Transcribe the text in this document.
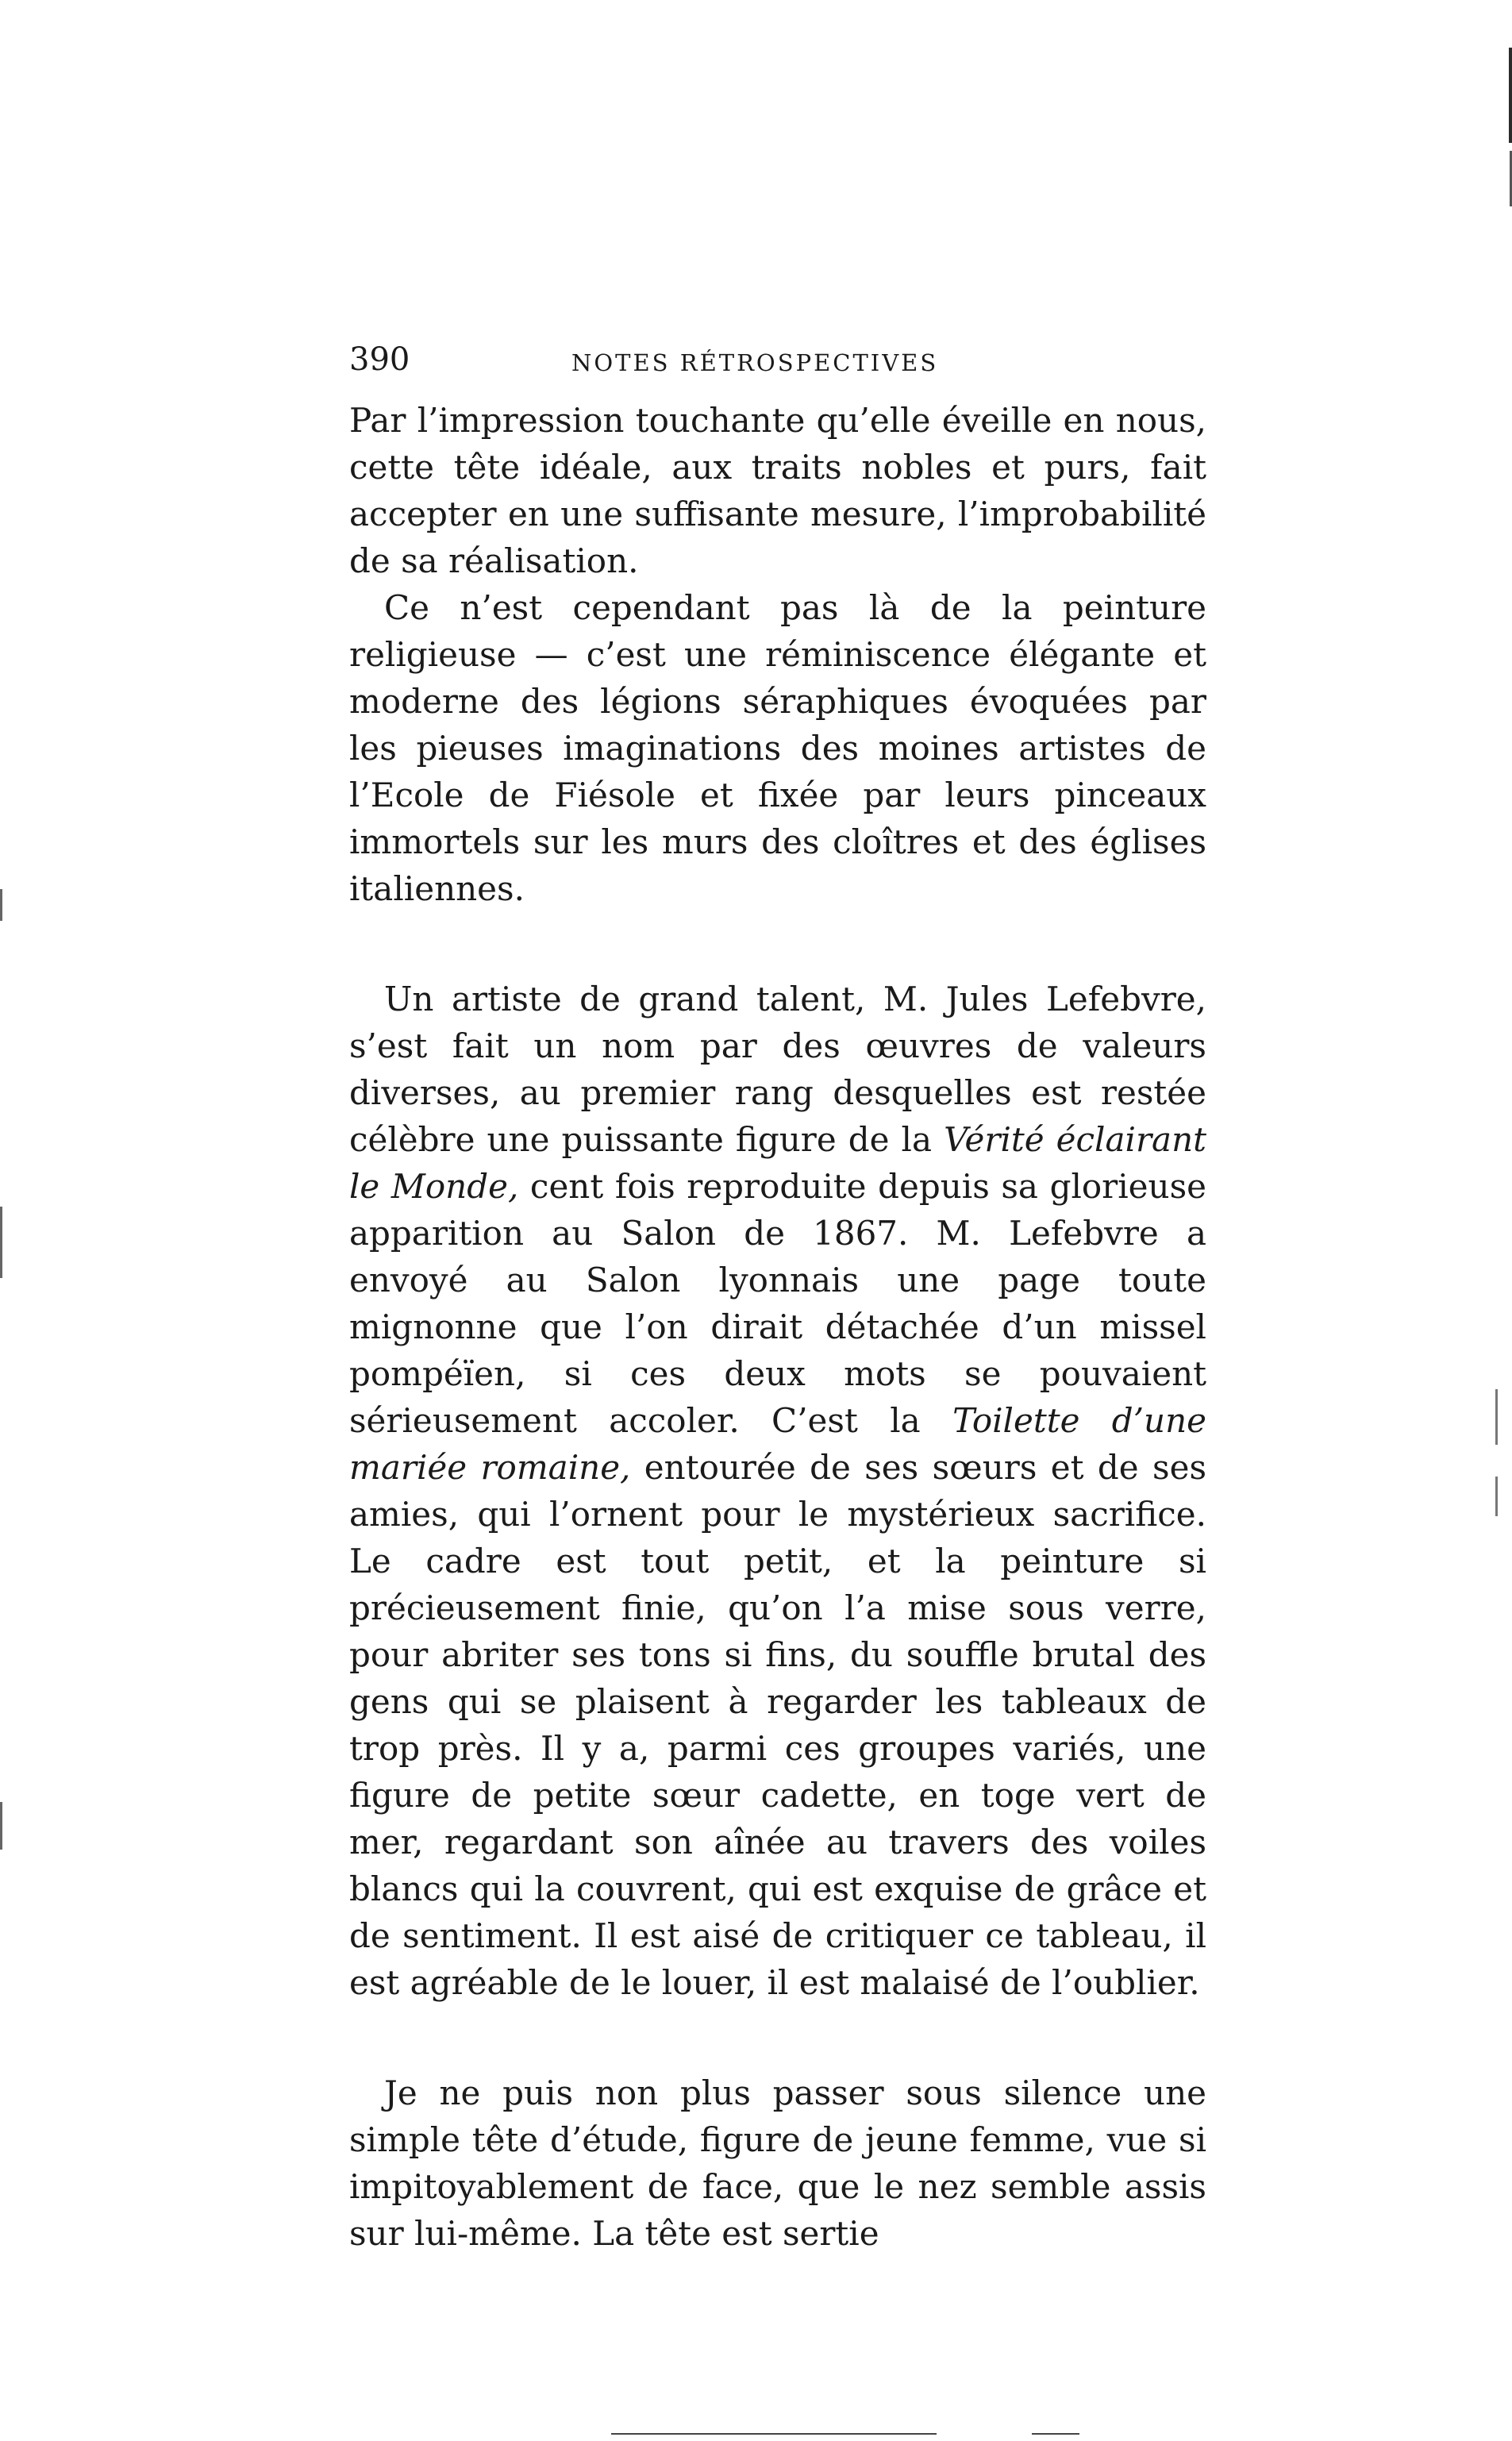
390	NOTES RÉTROSPECTIVES

Par l’impression touchante qu’elle éveille en nous, cette tête idéale, aux traits nobles et purs, fait accepter en une suffisante mesure, l’improbabilité de sa réalisation.

Ce n’est cependant pas là de la peinture religieuse — c’est une réminiscence élégante et moderne des légions séraphiques évoquées par les pieuses imaginations des moines artistes de l’Ecole de Fiésole et fixée par leurs pinceaux immortels sur les murs des cloîtres et des églises italiennes.

Un artiste de grand talent, M. Jules Lefebvre, s’est fait un nom par des œuvres de valeurs diverses, au premier rang desquelles est restée célèbre une puissante figure de la Vérité éclairant le Monde, cent fois reproduite depuis sa glorieuse apparition au Salon de 1867. M. Lefebvre a envoyé au Salon lyonnais une page toute mignonne que l’on dirait détachée d’un missel pompéïen, si ces deux mots se pouvaient sérieusement accoler. C’est la Toilette d’une mariée romaine, entourée de ses sœurs et de ses amies, qui l’ornent pour le mystérieux sacrifice. Le cadre est tout petit, et la peinture si précieusement finie, qu’on l’a mise sous verre, pour abriter ses tons si fins, du souffle brutal des gens qui se plaisent à regarder les tableaux de trop près. Il y a, parmi ces groupes variés, une figure de petite sœur cadette, en toge vert de mer, regardant son aînée au travers des voiles blancs qui la couvrent, qui est exquise de grâce et de sentiment. Il est aisé de critiquer ce tableau, il est agréable de le louer, il est malaisé de l’oublier.

Je ne puis non plus passer sous silence une simple tête d’étude, figure de jeune femme, vue si impitoyablement de face, que le nez semble assis sur lui-même. La tête est sertie
